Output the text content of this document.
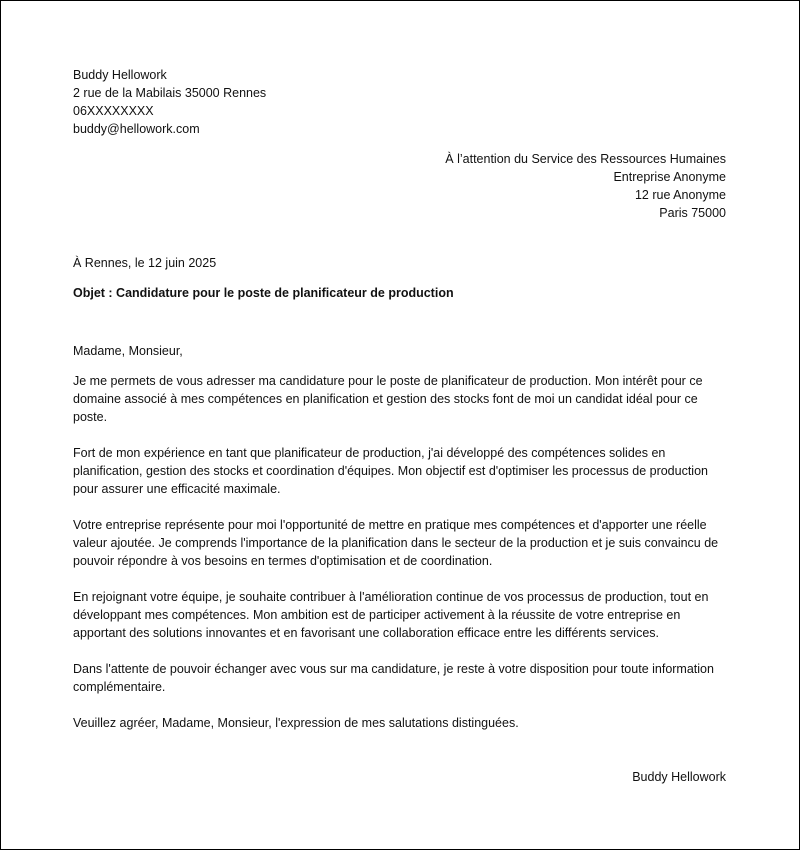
Buddy Hellowork
2 rue de la Mabilais 35000 Rennes
06XXXXXXXX
buddy@hellowork.com
À l’attention du Service des Ressources Humaines
Entreprise Anonyme
12 rue Anonyme
Paris 75000
À Rennes, le 12 juin 2025
Objet : Candidature pour le poste de planificateur de production
Madame, Monsieur,

Je me permets de vous adresser ma candidature pour le poste de planificateur de production. Mon intérêt pour ce domaine associé à mes compétences en planification et gestion des stocks font de moi un candidat idéal pour ce poste.

Fort de mon expérience en tant que planificateur de production, j'ai développé des compétences solides en planification, gestion des stocks et coordination d'équipes. Mon objectif est d'optimiser les processus de production pour assurer une efficacité maximale.

Votre entreprise représente pour moi l'opportunité de mettre en pratique mes compétences et d'apporter une réelle valeur ajoutée. Je comprends l'importance de la planification dans le secteur de la production et je suis convaincu de pouvoir répondre à vos besoins en termes d'optimisation et de coordination.

En rejoignant votre équipe, je souhaite contribuer à l'amélioration continue de vos processus de production, tout en développant mes compétences. Mon ambition est de participer activement à la réussite de votre entreprise en apportant des solutions innovantes et en favorisant une collaboration efficace entre les différents services.

Dans l'attente de pouvoir échanger avec vous sur ma candidature, je reste à votre disposition pour toute information complémentaire.

Veuillez agréer, Madame, Monsieur, l'expression de mes salutations distinguées.

Buddy Hellowork
